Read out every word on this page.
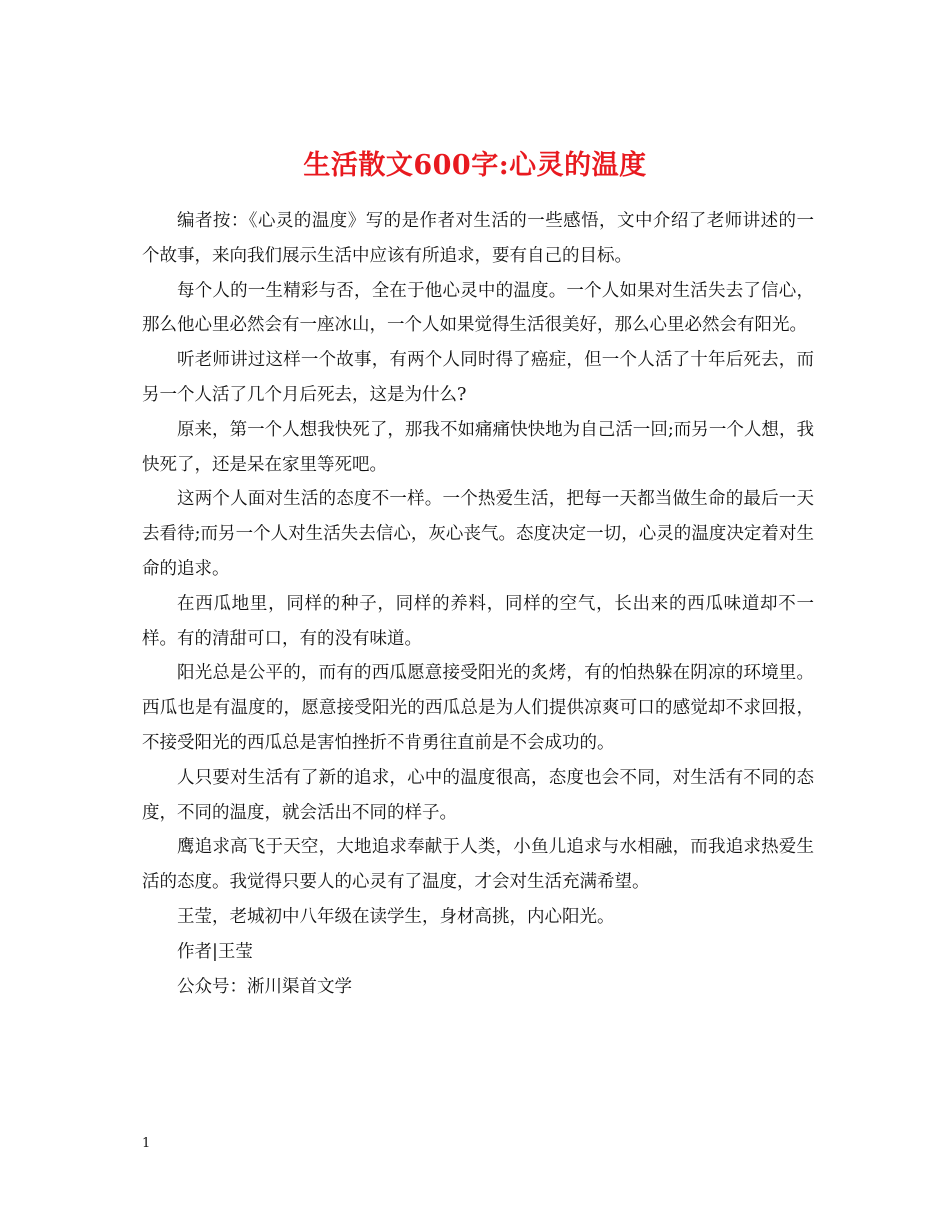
生活散文600字:心灵的温度

编者按：《心灵的温度》写的是作者对生活的一些感悟，文中介绍了老师讲述的一个故事，来向我们展示生活中应该有所追求，要有自己的目标。

每个人的一生精彩与否，全在于他心灵中的温度。一个人如果对生活失去了信心，那么他心里必然会有一座冰山，一个人如果觉得生活很美好，那么心里必然会有阳光。

听老师讲过这样一个故事，有两个人同时得了癌症，但一个人活了十年后死去，而另一个人活了几个月后死去，这是为什么?

原来，第一个人想我快死了，那我不如痛痛快快地为自己活一回;而另一个人想，我快死了，还是呆在家里等死吧。

这两个人面对生活的态度不一样。一个热爱生活，把每一天都当做生命的最后一天去看待;而另一个人对生活失去信心，灰心丧气。态度决定一切，心灵的温度决定着对生命的追求。

在西瓜地里，同样的种子，同样的养料，同样的空气，长出来的西瓜味道却不一样。有的清甜可口，有的没有味道。

阳光总是公平的，而有的西瓜愿意接受阳光的炙烤，有的怕热躲在阴凉的环境里。西瓜也是有温度的，愿意接受阳光的西瓜总是为人们提供凉爽可口的感觉却不求回报，不接受阳光的西瓜总是害怕挫折不肯勇往直前是不会成功的。

人只要对生活有了新的追求，心中的温度很高，态度也会不同，对生活有不同的态度，不同的温度，就会活出不同的样子。

鹰追求高飞于天空，大地追求奉献于人类，小鱼儿追求与水相融，而我追求热爱生活的态度。我觉得只要人的心灵有了温度，才会对生活充满希望。

王莹，老城初中八年级在读学生，身材高挑，内心阳光。

作者|王莹

公众号：淅川渠首文学

1
